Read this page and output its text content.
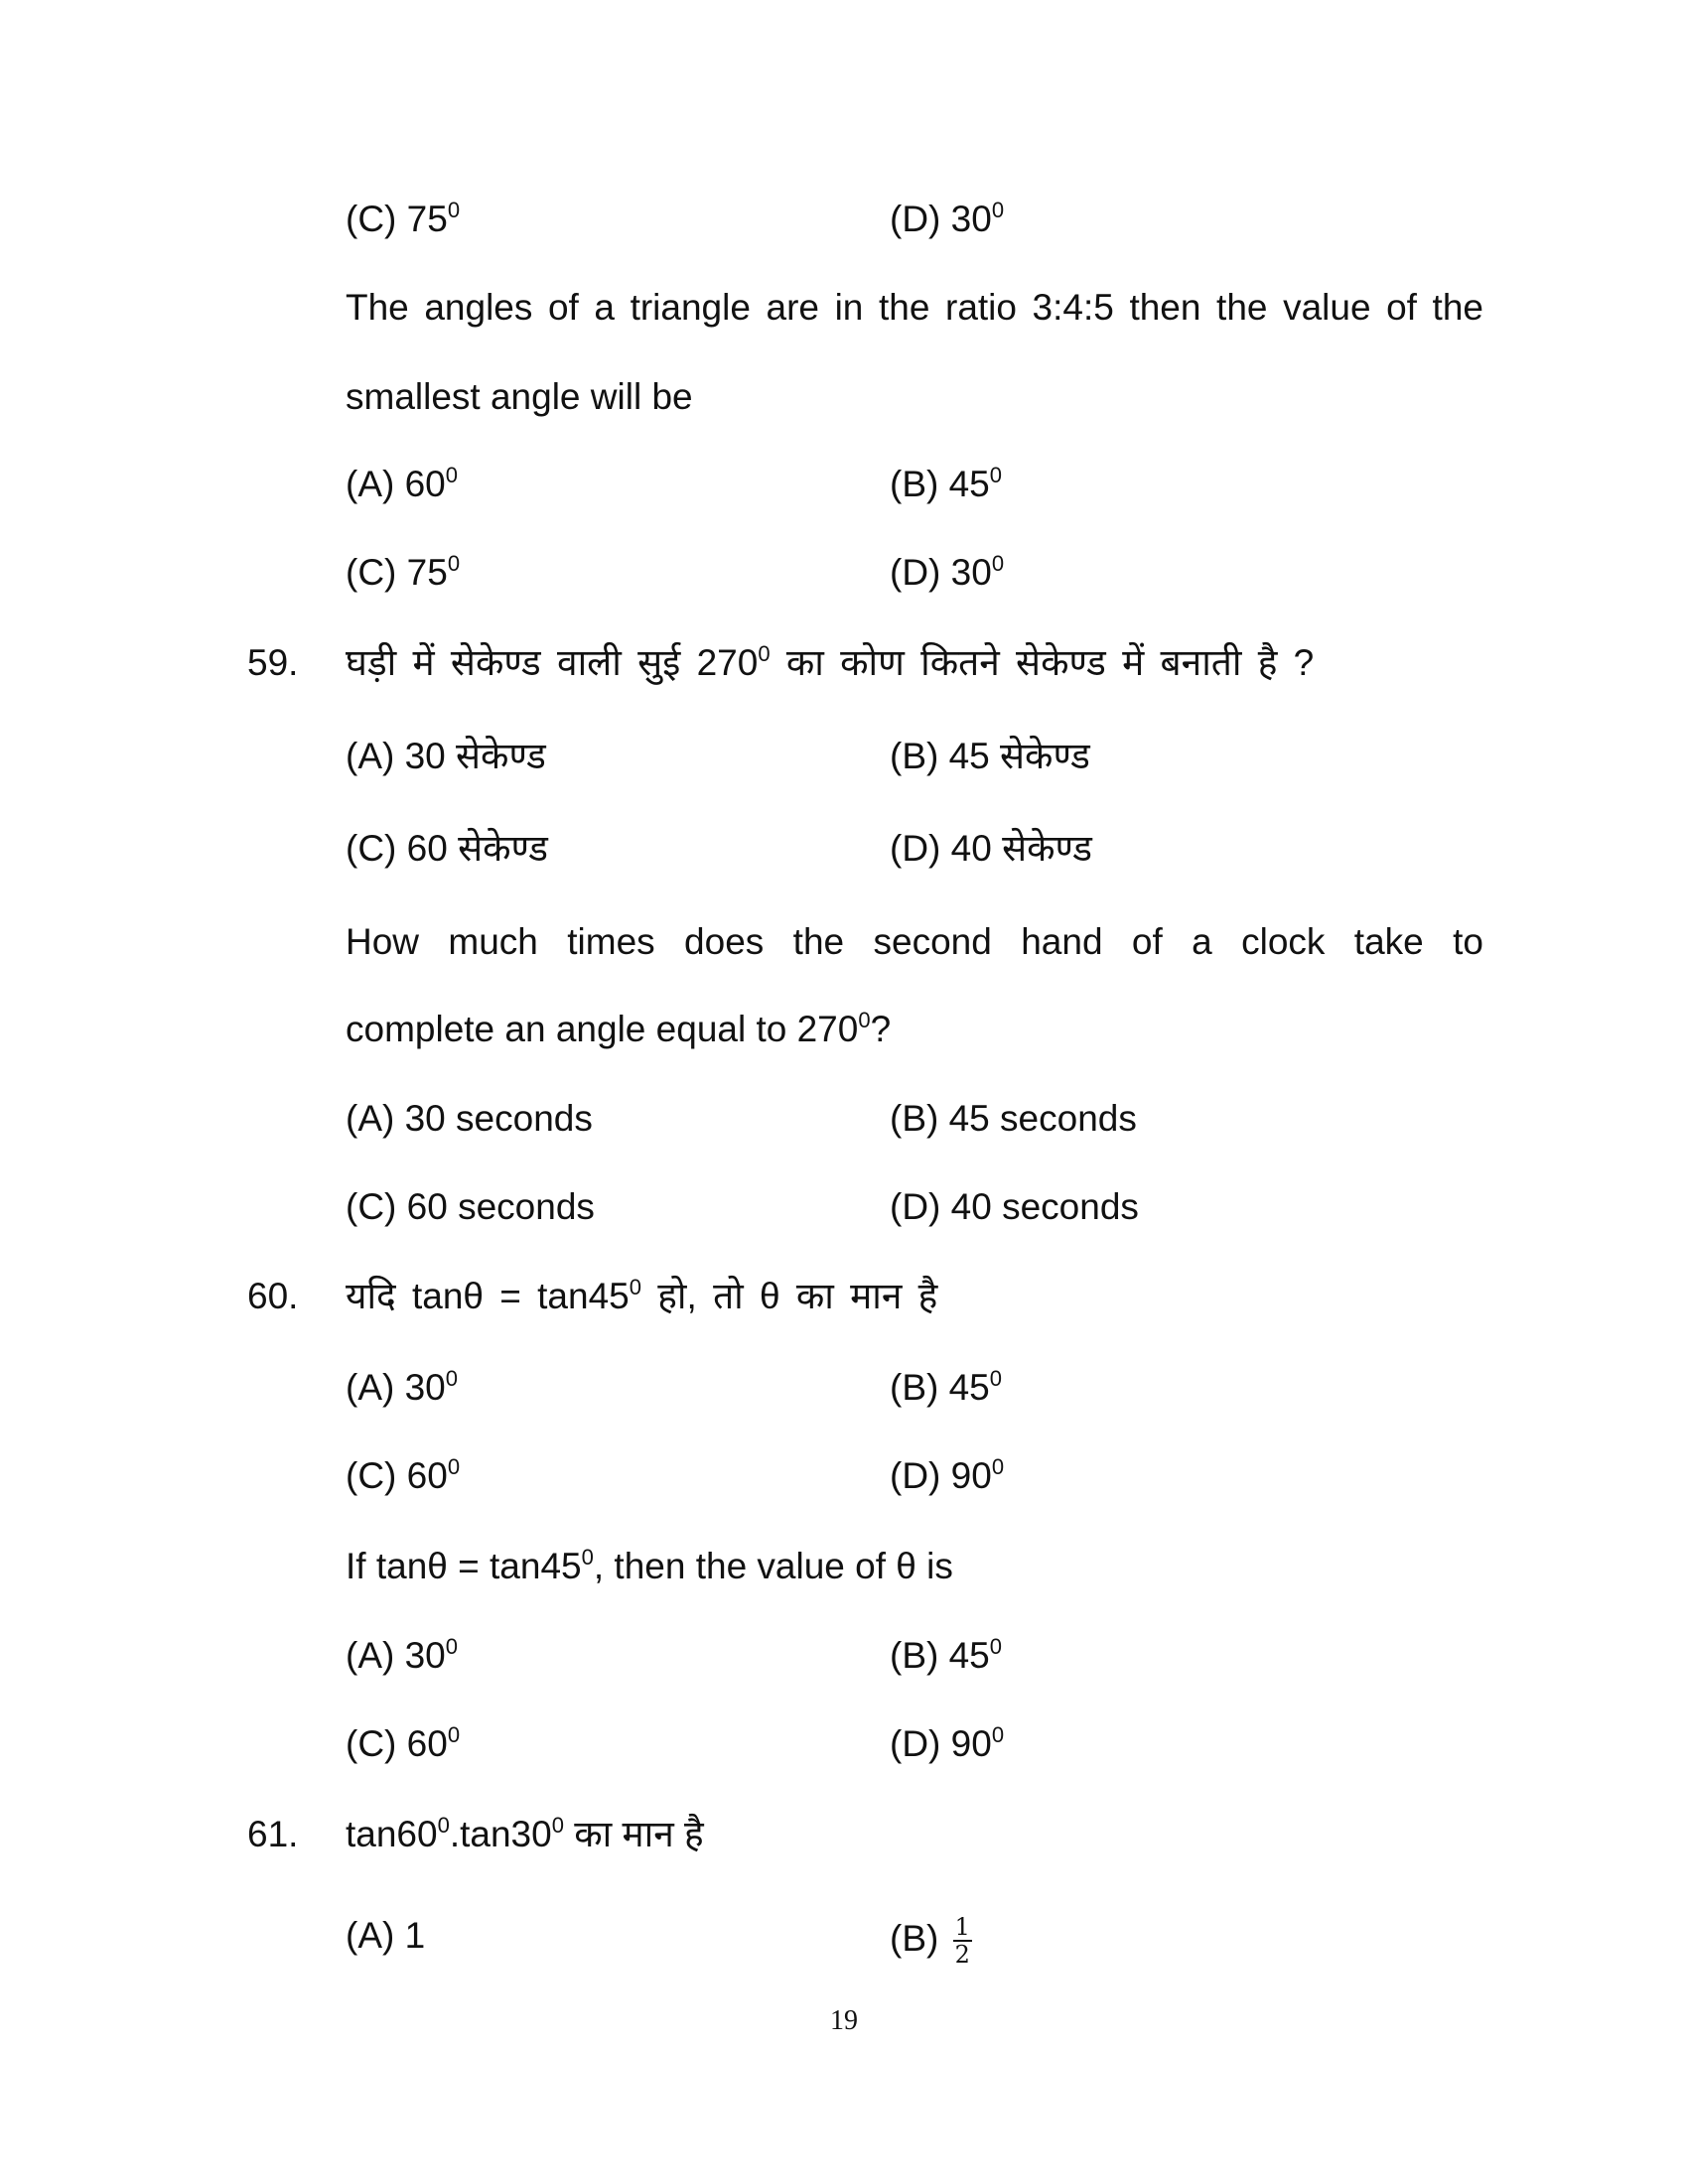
(C) $75^0$	(D) $30^0$
The angles of a triangle are in the ratio 3:4:5 then the value of the
smallest angle will be
(A) $60^0$	(B) $45^0$
(C) $75^0$	(D) $30^0$
59. घड़ी में सेकेण्ड वाली सुई $270^0$ का कोण कितने सेकेण्ड में बनाती है ?
(A) 30 सेकेण्ड	(B) 45 सेकेण्ड
(C) 60 सेकेण्ड	(D) 40 सेकेण्ड
How much times does the second hand of a clock take to
complete an angle equal to $270^0$?
(A) 30 seconds	(B) 45 seconds
(C) 60 seconds	(D) 40 seconds
60. यदि $\tan\theta = \tan 45^0$ हो, तो θ का मान है
(A) $30^0$	(B) $45^0$
(C) $60^0$	(D) $90^0$
If $\tan\theta = \tan 45^0$, then the value of θ is
(A) $30^0$	(B) $45^0$
(C) $60^0$	(D) $90^0$
61. $\tan 60^0.\tan 30^0$ का मान है
(A) 1	$(B) \frac{1}{2}$
19
